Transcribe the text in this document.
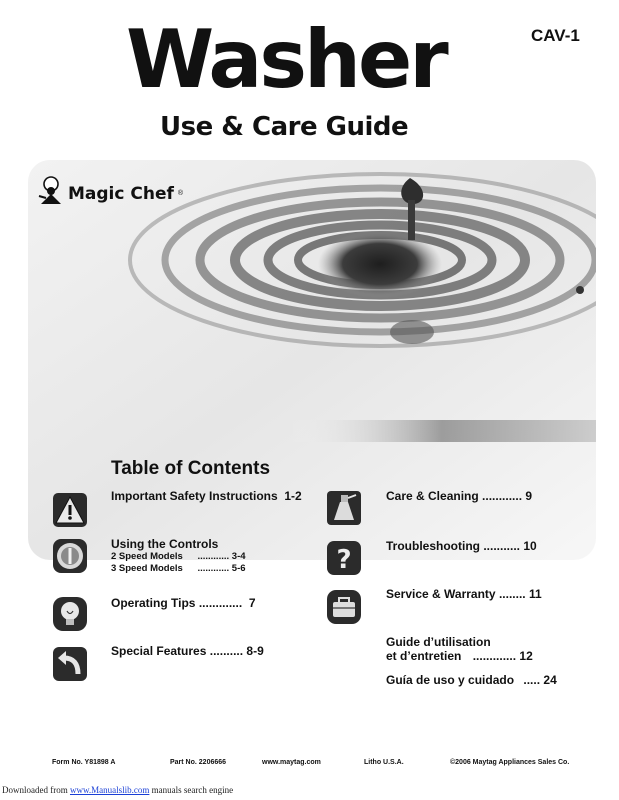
CAV-1
Washer
Use & Care Guide
Magic Chef ®
Table of Contents
Important Safety Instructions 1-2
Using the Controls
2 Speed Models ............ 3-4
3 Speed Models ............ 5-6
Operating Tips ............. 7
Special Features .......... 8-9
Care & Cleaning ............ 9
?	Troubleshooting ........... 10
Service & Warranty ........ 11
Guide d’utilisation
et d’entretien ............. 12
Guía de uso y cuidado ..... 24
Form No. Y81898 A	Part No. 2206666	www.maytag.com	Litho U.S.A.	©2006 Maytag Appliances Sales Co.
Downloaded from www.Manualslib.com manuals search engine
